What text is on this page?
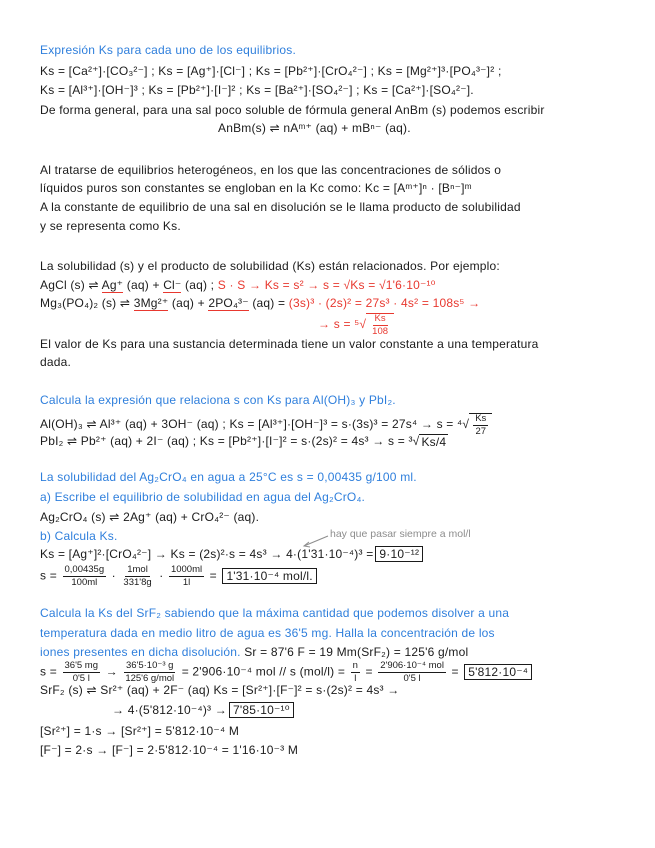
Expresión Ks para cada uno de los equilibrios.
Ks = [Ca²⁺]·[CO₃²⁻] ; Ks = [Ag⁺]·[Cl⁻] ; Ks = [Pb²⁺]·[CrO₄²⁻] ; Ks = [Mg²⁺]³·[PO₄³⁻]² ;
Ks = [Al³⁺]·[OH⁻]³ ; Ks = [Pb²⁺]·[I⁻]² ; Ks = [Ba²⁺]·[SO₄²⁻] ; Ks = [Ca²⁺]·[SO₄²⁻].
De forma general, para una sal poco soluble de fórmula general AnBm (s) podemos escribir
AnBm(s) ⇌ nAᵐ⁺ (aq) + mBⁿ⁻ (aq).
Al tratarse de equilibrios heterogéneos, en los que las concentraciones de sólidos o
líquidos puros son constantes se engloban en la Kc como: Kc = [Aᵐ⁺]ⁿ · [Bⁿ⁻]ᵐ
A la constante de equilibrio de una sal en disolución se le llama producto de solubilidad
y se representa como Ks.
La solubilidad (s) y el producto de solubilidad (Ks) están relacionados. Por ejemplo:
AgCl (s) ⇌ Ag⁺ (aq) + Cl⁻ (aq) ; S · S → Ks = s² → s = √Ks = √1'6·10⁻¹⁰
Mg₃(PO₄)₂ (s) ⇌ 3Mg²⁺ (aq) + 2PO₄³⁻ (aq) = (3s)³ · (2s)² = 27s³ · 4s² = 108s⁵ →
→ $s = ^5√ \frac{Ks}{108}$
El valor de Ks para una sustancia determinada tiene un valor constante a una temperatura
dada.
Calcula la expresión que relaciona s con Ks para Al(OH)₃ y PbI₂.
Al(OH)₃ ⇌ Al³⁺ (aq) + 3OH⁻ (aq) ; $Ks = [Al^{3+}]\cdot[OH^-]^3 = s\cdot(3s)^3 = 27s^4 \to s = ^4√ \frac{Ks}{27}$
PbI₂ ⇌ Pb²⁺ (aq) + 2I⁻ (aq) ; Ks = [Pb²⁺]·[I⁻]² = s·(2s)² = 4s³ → s = ³√ Ks/4
La solubilidad del Ag₂CrO₄ en agua a 25°C es s = 0,00435 g/100 ml.
a) Escribe el equilibrio de solubilidad en agua del Ag₂CrO₄.
Ag₂CrO₄ (s) ⇌ 2Ag⁺ (aq) + CrO₄²⁻ (aq).
b) Calcula Ks.	hay que pasar siempre a mol/l
Ks = [Ag⁺]²·[CrO₄²⁻] → Ks = (2s)²·s = 4s³ → 4·(1'31·10⁻⁴)³ = 9·10⁻¹²
$s = \frac{0,00435g}{100ml} \cdot \frac{\text{1mol}}{331'8g} \cdot \frac{1000ml}{1l} = 1'31\cdot 10^{-4}$ mol/l.
Calcula la Ks del SrF₂ sabiendo que la máxima cantidad que podemos disolver a una
temperatura dada en medio litro de agua es 36'5 mg. Halla la concentración de los
iones presentes en dicha disolución. Sr = 87'6 F = 19 Mm(SrF₂) = 125'6 g/mol
$s = \frac{36'5 mg}{0'5 l} \to \frac{\text{36'5·10⁻³ g}}{\text{125'6 g/mol}} = 2'906\cdot 10^{-4}$ mol // s $(mol/l) = \frac{n}{l} = \frac{\text{2'906·10⁻⁴ mol}}{0'5 l} = 5'812\cdot 10^{-4}$
SrF₂ (s) ⇌ Sr²⁺ (aq) + 2F⁻ (aq) Ks = [Sr²⁺]·[F⁻]² = s·(2s)² = 4s³ →
→ 4·(5'812·10⁻⁴)³ → 7'85·10⁻¹⁰
[Sr²⁺] = 1·s → [Sr²⁺] = 5'812·10⁻⁴ M
[F⁻] = 2·s → [F⁻] = 2·5'812·10⁻⁴ = 1'16·10⁻³ M
